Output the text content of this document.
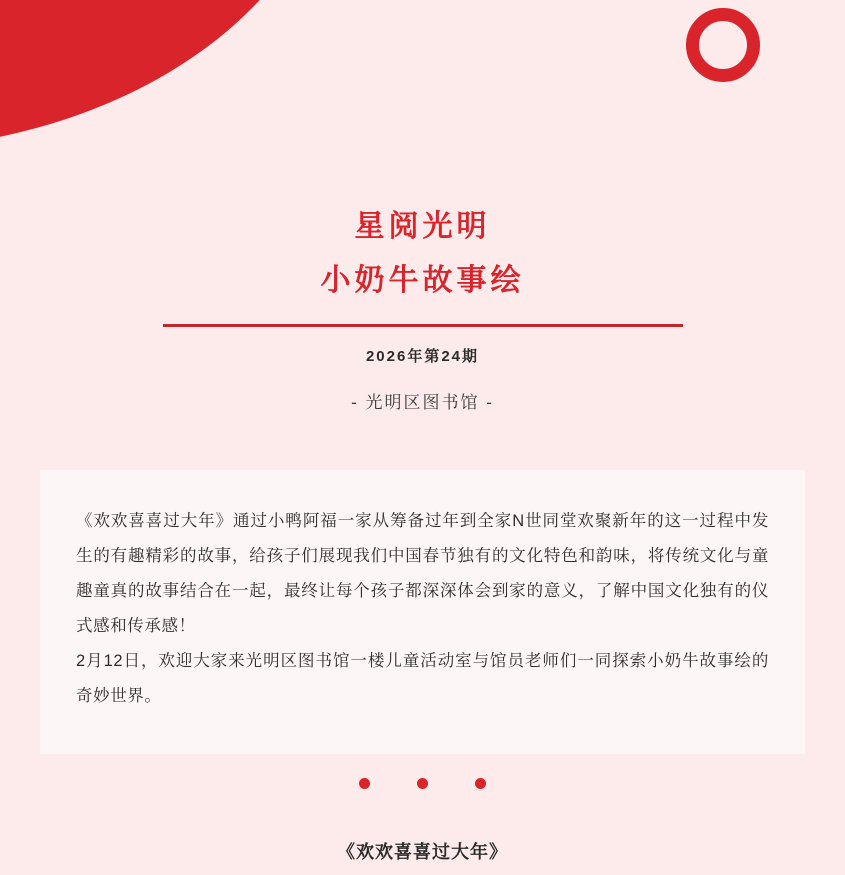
星阅光明
小奶牛故事绘
2026年第24期
- 光明区图书馆 -

《欢欢喜喜过大年》通过小鸭阿福一家从筹备过年到全家N世同堂欢聚新年的这一过程中发生的有趣精彩的故事，给孩子们展现我们中国春节独有的文化特色和韵味，将传统文化与童趣童真的故事结合在一起，最终让每个孩子都深深体会到家的意义，了解中国文化独有的仪式感和传承感！

2月12日，欢迎大家来光明区图书馆一楼儿童活动室与馆员老师们一同探索小奶牛故事绘的奇妙世界。

《欢欢喜喜过大年》
